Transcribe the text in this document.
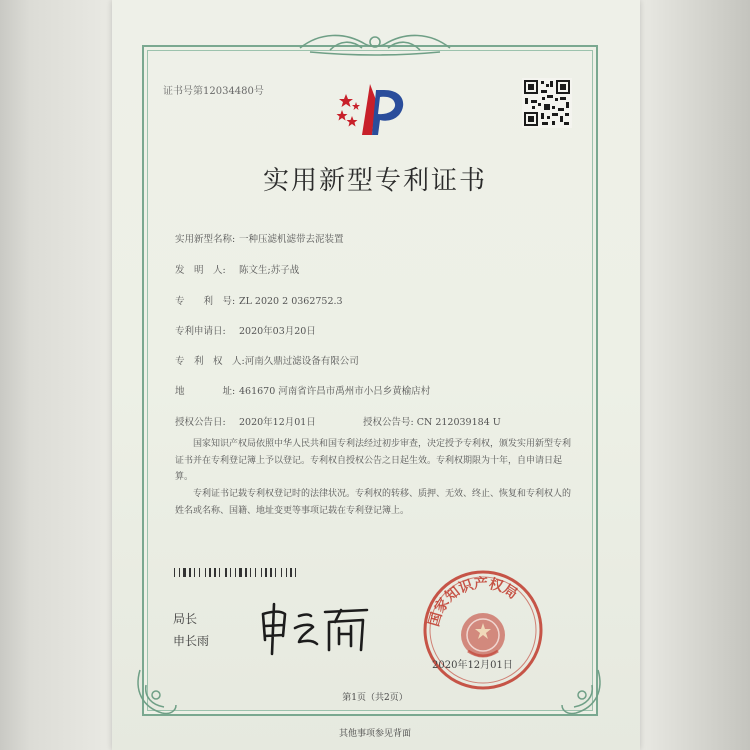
证书号第12034480号
实用新型专利证书
实用新型名称: 一种压滤机滤带去泥装置
发　明　人: 陈文生;苏子战
专　　利　号: ZL 2020 2 0362752.3
专利申请日: 2020年03月20日
专　利　权　人:河南久鼎过滤设备有限公司
地　　　　址: 461670 河南省许昌市禹州市小吕乡黄榆店村
授权公告日: 2020年12月01日	授权公告号: CN 212039184 U
国家知识产权局依照中华人民共和国专利法经过初步审查，决定授予专利权，颁发实用新型专利证书并在专利登记簿上予以登记。专利权自授权公告之日起生效。专利权期限为十年，自申请日起算。
专利证书记载专利权登记时的法律状况。专利权的转移、质押、无效、终止、恢复和专利权人的姓名或名称、国籍、地址变更等事项记载在专利登记簿上。
局长
申长雨
国家知识产权局
2020年12月01日
第1页（共2页）
其他事项参见背面
